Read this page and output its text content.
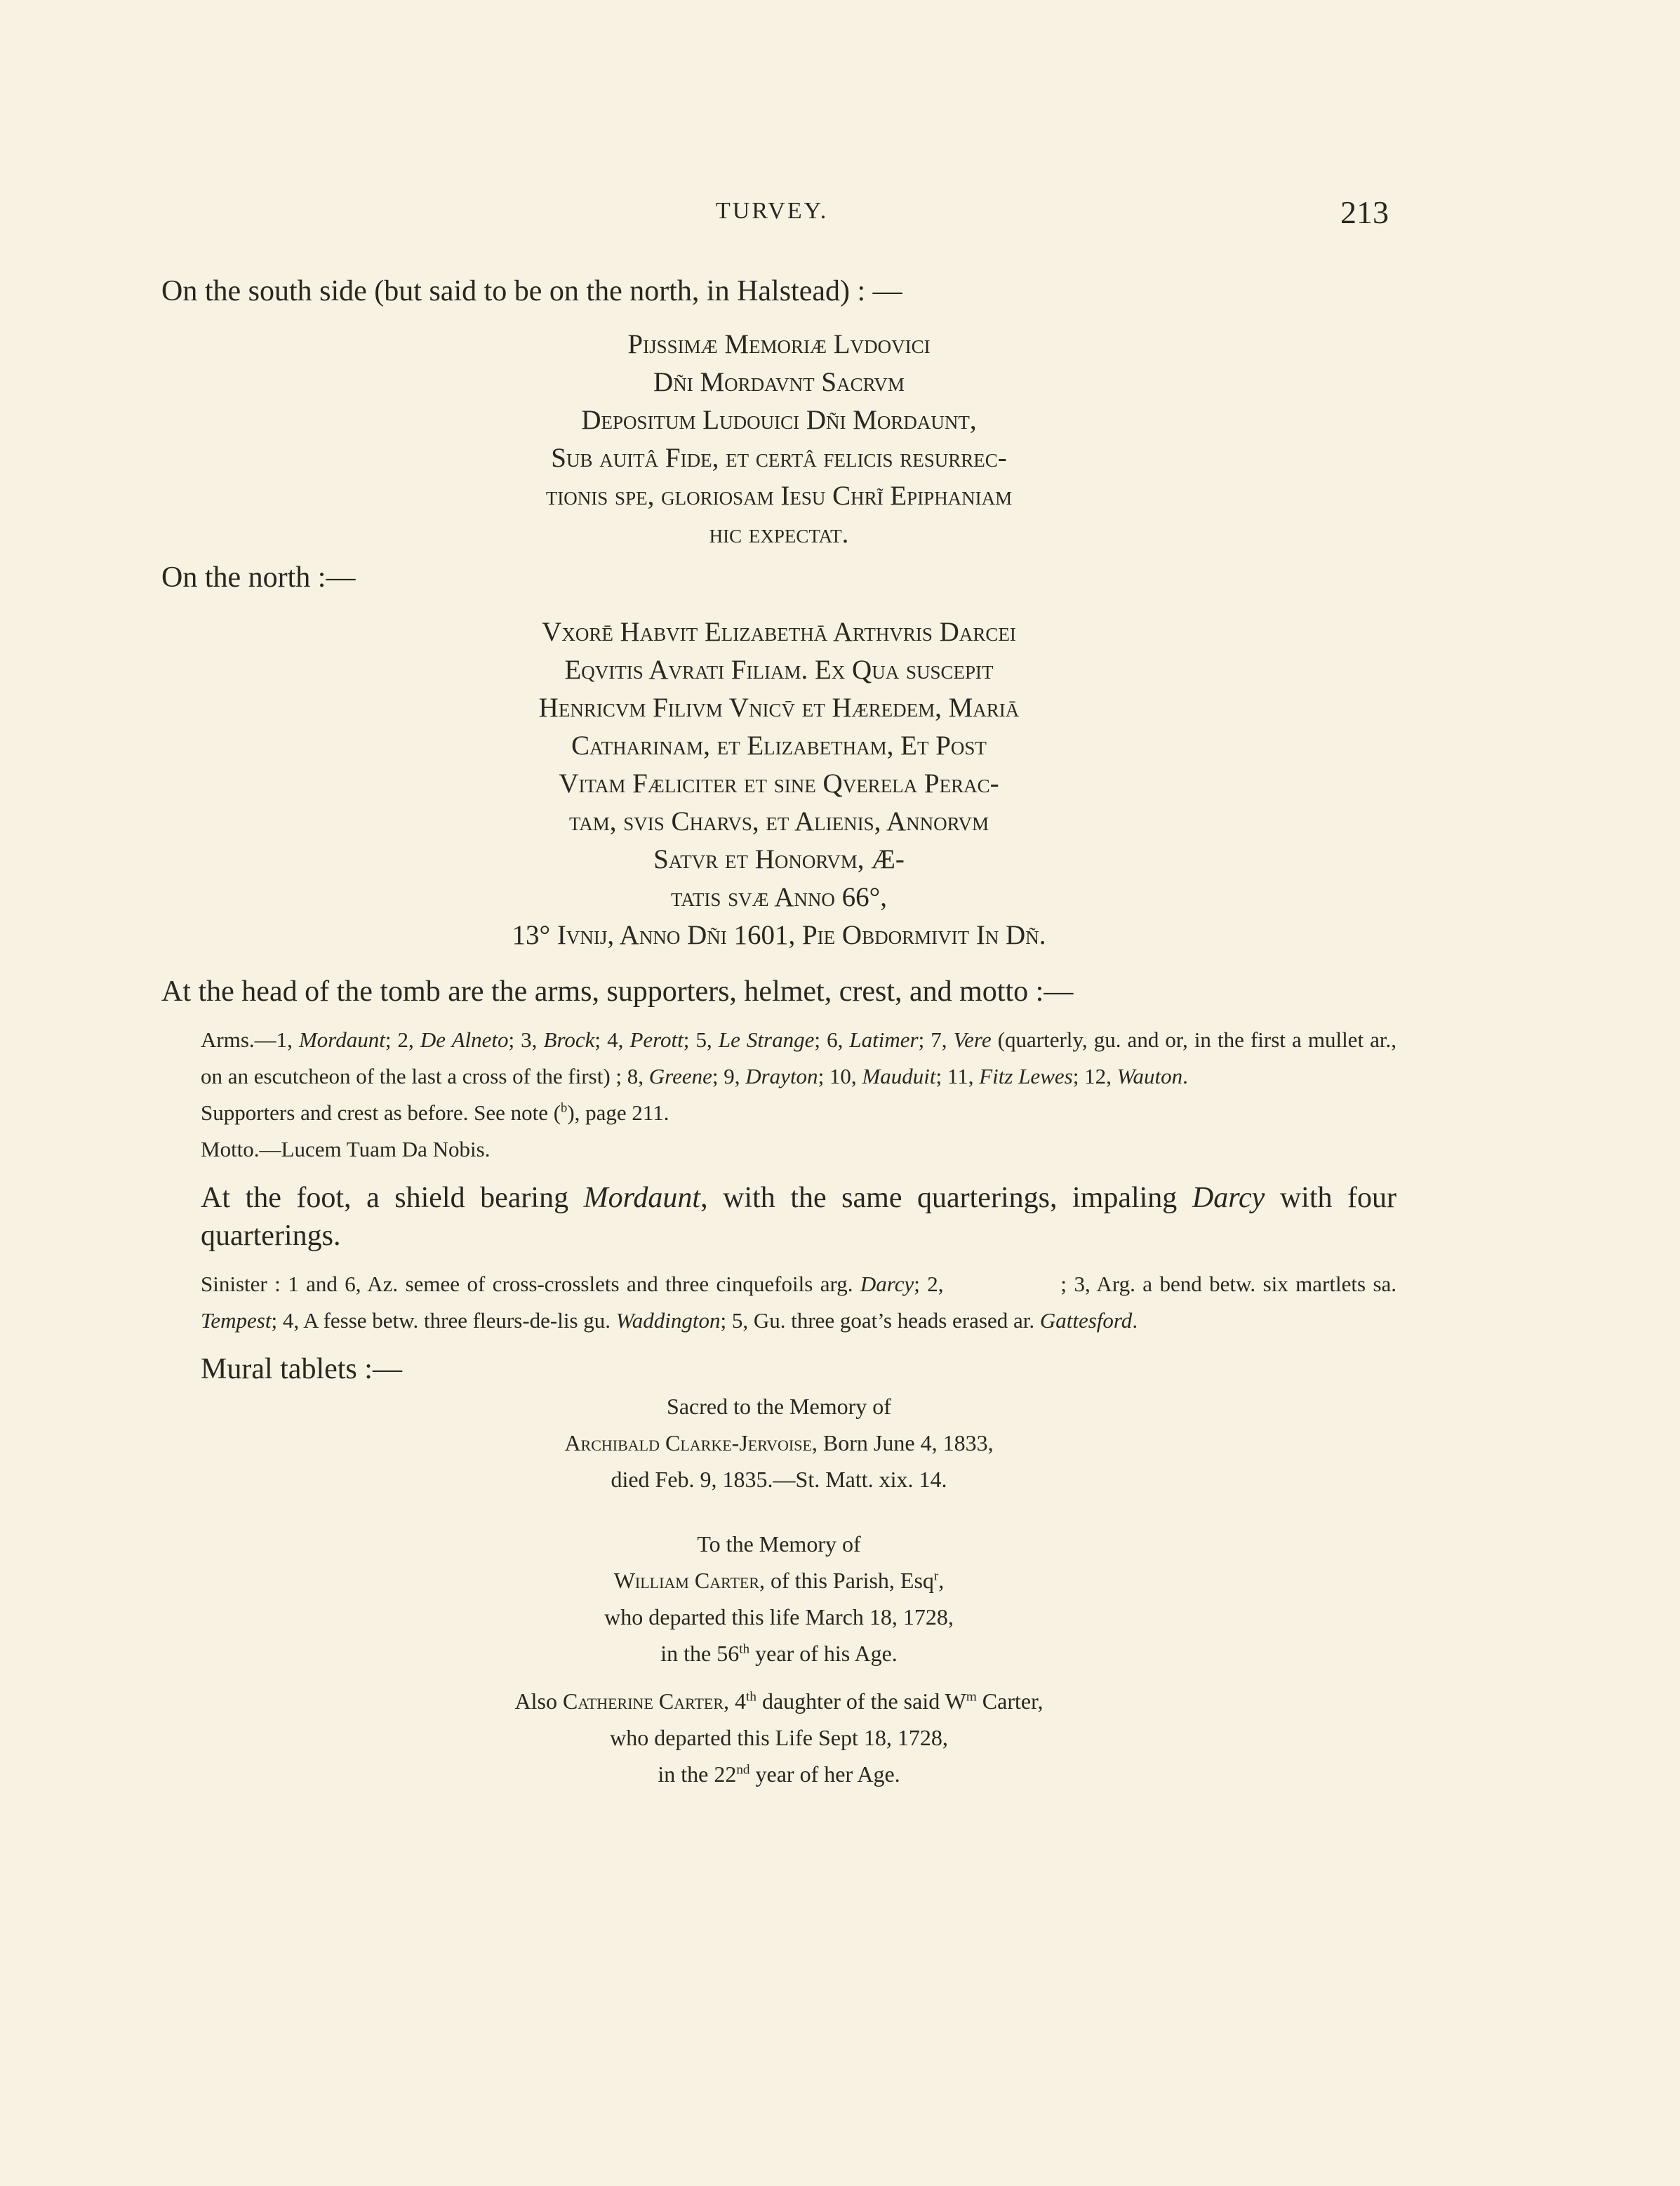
TURVEY.	213

On the south side (but said to be on the north, in Halstead) : —

Pijssimæ Memoriæ Lvdovici

Dñi Mordavnt Sacrvm

Depositum Ludouici Dñi Mordaunt,

Sub auitâ Fide, et certâ felicis resurrec-

tionis spe, gloriosam Iesu Chrĩ Epiphaniam

hic expectat.

On the north :—

Vxorē Habvit Elizabethā Arthvris Darcei

Eqvitis Avrati Filiam. Ex Qua suscepit

Henricvm Filivm Vnicv̄ et Hæredem, Mariā

Catharinam, et Elizabetham, Et Post

Vitam Fæliciter et sine Qverela Perac-

tam, svis Charvs, et Alienis, Annorvm

Satvr et Honorvm, Æ-

tatis svæ Anno 66°,

13° Ivnij, Anno Dñi 1601, Pie Obdormivit In Dñ.

At the head of the tomb are the arms, supporters, helmet, crest, and motto :—

Arms.—1, Mordaunt; 2, De Alneto; 3, Brock; 4, Perott; 5, Le Strange; 6, Latimer; 7, Vere (quarterly, gu. and or, in the first a mullet ar., on an escutcheon of the last a cross of the first) ; 8, Greene; 9, Drayton; 10, Mauduit; 11, Fitz Lewes; 12, Wauton.

Supporters and crest as before. See note ($^b$), page 211.

Motto.—Lucem Tuam Da Nobis.

At the foot, a shield bearing Mordaunt, with the same quarterings, impaling Darcy with four quarterings.

Sinister : 1 and 6, Az. semee of cross-crosslets and three cinquefoils arg. Darcy; 2,	; 3, Arg. a bend betw. six martlets sa. Tempest; 4, A fesse betw. three fleurs-de-lis gu. Waddington; 5, Gu. three goat’s heads erased ar. Gattesford.

Mural tablets :—

Sacred to the Memory of

Archibald Clarke-Jervoise, Born June 4, 1833,

died Feb. 9, 1835.—St. Matt. xix. 14.

To the Memory of

William Carter, of this Parish, Esq$^r$,

who departed this life March 18, 1728,

in the 56th year of his Age.

Also Catherine Carter, 4th daughter of the said $W^m$ Carter,

who departed this Life Sept 18, 1728,

in the 22nd year of her Age.
